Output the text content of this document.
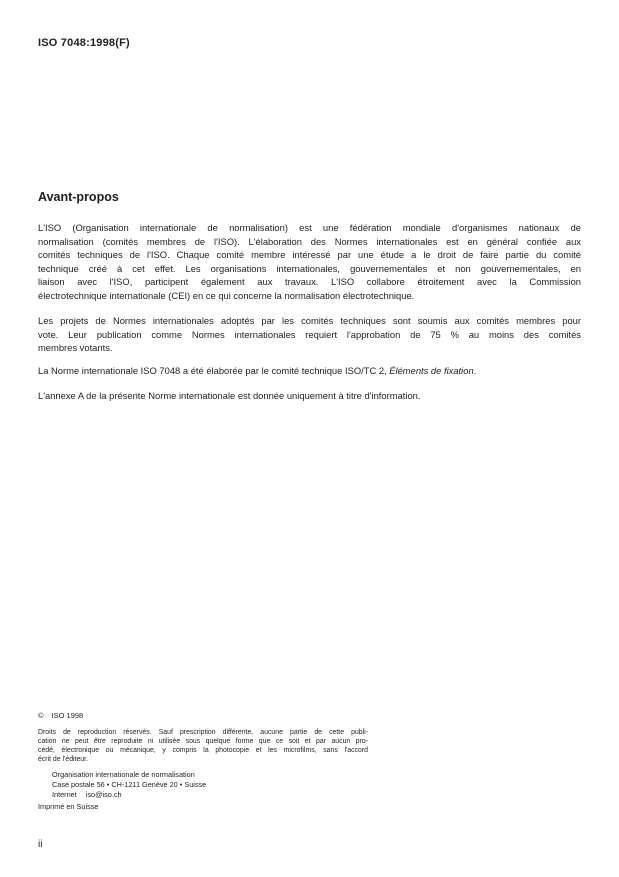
ISO 7048:1998(F)
Avant-propos
L'ISO (Organisation internationale de normalisation) est une fédération mondiale d'organismes nationaux de
normalisation (comités membres de l'ISO). L'élaboration des Normes internationales est en général confiée aux
comités techniques de l'ISO. Chaque comité membre intéressé par une étude a le droit de faire partie du comité
technique créé à cet effet. Les organisations internationales, gouvernementales et non gouvernementales, en
liaison avec l'ISO, participent également aux travaux. L'ISO collabore étroitement avec la Commission
électrotechnique internationale (CEI) en ce qui concerne la normalisation électrotechnique.
Les projets de Normes internationales adoptés par les comités techniques sont soumis aux comités membres pour
vote. Leur publication comme Normes internationales requiert l'approbation de 75 % au moins des comités
membres votants.
La Norme internationale ISO 7048 a été élaborée par le comité technique ISO/TC 2, Éléments de fixation.
L'annexe A de la présente Norme internationale est donnée uniquement à titre d'information.
© ISO 1998
Droits de reproduction réservés. Sauf prescription différente, aucune partie de cette publi-
cation ne peut être reproduite ni utilisée sous quelque forme que ce soit et par aucun pro-
cédé, électronique ou mécanique, y compris la photocopie et les microfilms, sans l'accord
écrit de l'éditeur.
Organisation internationale de normalisation
Case postale 56 • CH-1211 Genève 20 • Suisse
Internet iso@iso.ch
Imprimé en Suisse
ii
